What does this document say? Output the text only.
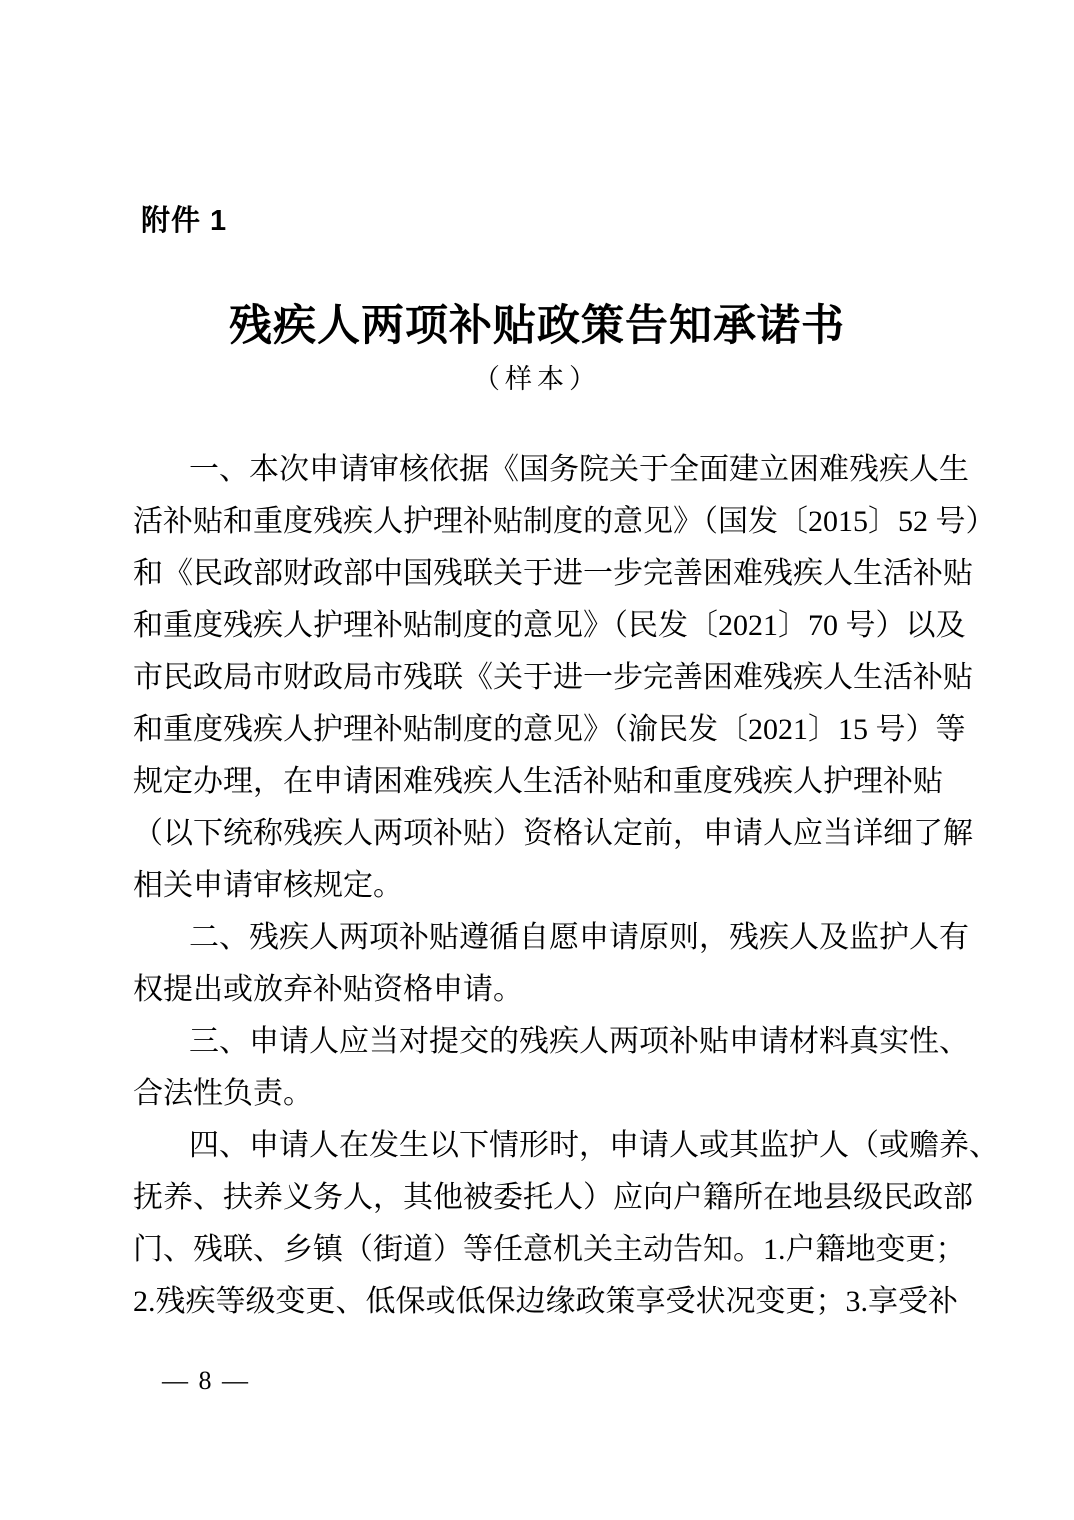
附件 1
残疾人两项补贴政策告知承诺书
（样本）
一、本次申请审核依据《国务院关于全面建立困难残疾人生
活补贴和重度残疾人护理补贴制度的意见》（国发〔2015〕52 号）
和《民政部财政部中国残联关于进一步完善困难残疾人生活补贴
和重度残疾人护理补贴制度的意见》（民发〔2021〕70 号）以及
市民政局市财政局市残联《关于进一步完善困难残疾人生活补贴
和重度残疾人护理补贴制度的意见》（渝民发〔2021〕15 号）等
规定办理，在申请困难残疾人生活补贴和重度残疾人护理补贴
（以下统称残疾人两项补贴）资格认定前，申请人应当详细了解
相关申请审核规定。
二、残疾人两项补贴遵循自愿申请原则，残疾人及监护人有
权提出或放弃补贴资格申请。
三、申请人应当对提交的残疾人两项补贴申请材料真实性、
合法性负责。
四、申请人在发生以下情形时，申请人或其监护人（或赡养、
抚养、扶养义务人，其他被委托人）应向户籍所在地县级民政部
门、残联、乡镇（街道）等任意机关主动告知。1.户籍地变更；
2.残疾等级变更、低保或低保边缘政策享受状况变更；3.享受补
— 8 —
